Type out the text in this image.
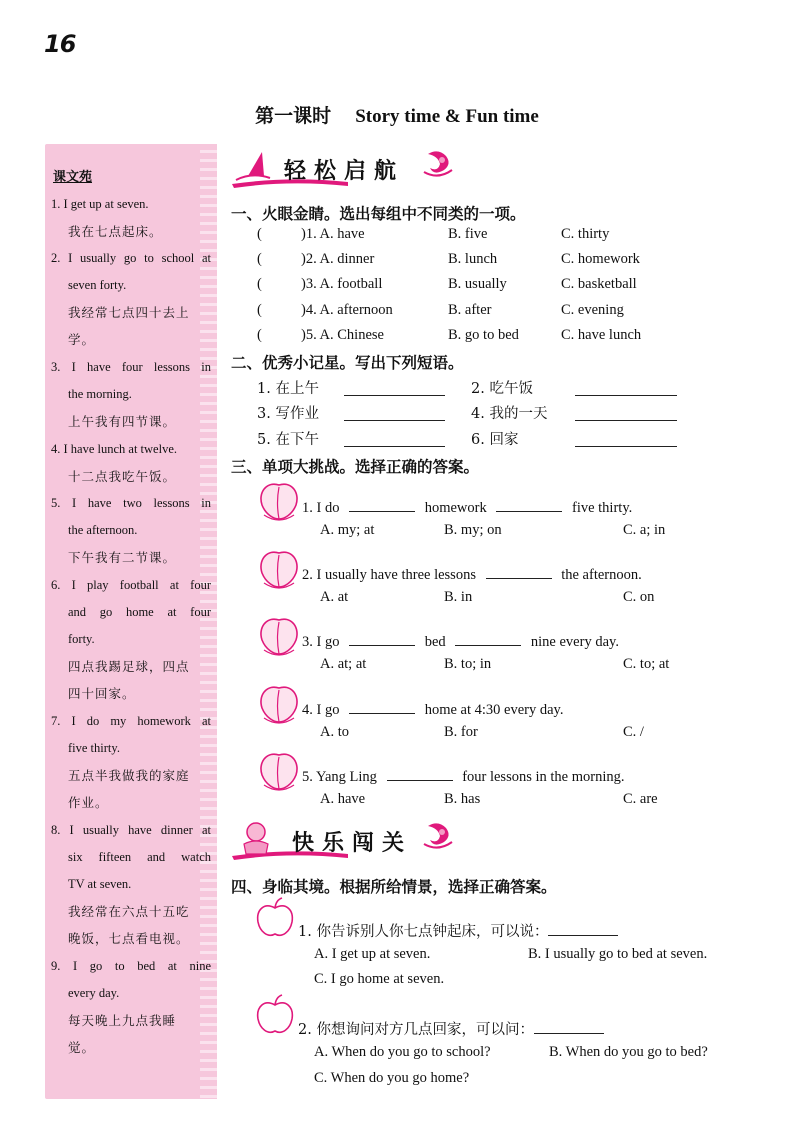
16
第一课时 Story time & Fun time
课文苑
1. I get up at seven.
我在七点起床。
2. I usually go to school at
seven forty.
我经常七点四十去上
学。
3. I have four lessons in
the morning.
上午我有四节课。
4. I have lunch at twelve.
十二点我吃午饭。
5. I have two lessons in
the afternoon.
下午我有二节课。
6. I play football at four
and go home at four
forty.
四点我踢足球，四点
四十回家。
7. I do my homework at
five thirty.
五点半我做我的家庭
作业。
8. I usually have dinner at
six fifteen and watch
TV at seven.
我经常在六点十五吃
晚饭，七点看电视。
9. I go to bed at nine
every day.
每天晚上九点我睡
觉。
轻松启航
一、火眼金睛。选出每组中不同类的一项。
(	)1. A. have	B. five	C. thirty
(	)2. A. dinner	B. lunch	C. homework
(	)3. A. football	B. usually	C. basketball
(	)4. A. afternoon	B. after	C. evening
(	)5. A. Chinese	B. go to bed	C. have lunch
二、优秀小记星。写出下列短语。
1. 在上午	2. 吃午饭
3. 写作业	4. 我的一天
5. 在下午	6. 回家
三、单项大挑战。选择正确的答案。
1. I do	homework	five thirty.
A. my; at	B. my; on	C. a; in
2. I usually have three lessons	the afternoon.
A. at	B. in	C. on
3. I go	bed	nine every day.
A. at; at	B. to; in	C. to; at
4. I go	home at 4:30 every day.
A. to	B. for	C. /
5. Yang Ling	four lessons in the morning.
A. have	B. has	C. are
快乐闯关
四、身临其境。根据所给情景，选择正确答案。
1. 你告诉别人你七点钟起床，可以说：
A. I get up at seven.	B. I usually go to bed at seven.
C. I go home at seven.
2. 你想询问对方几点回家，可以问：
A. When do you go to school?	B. When do you go to bed?
C. When do you go home?
